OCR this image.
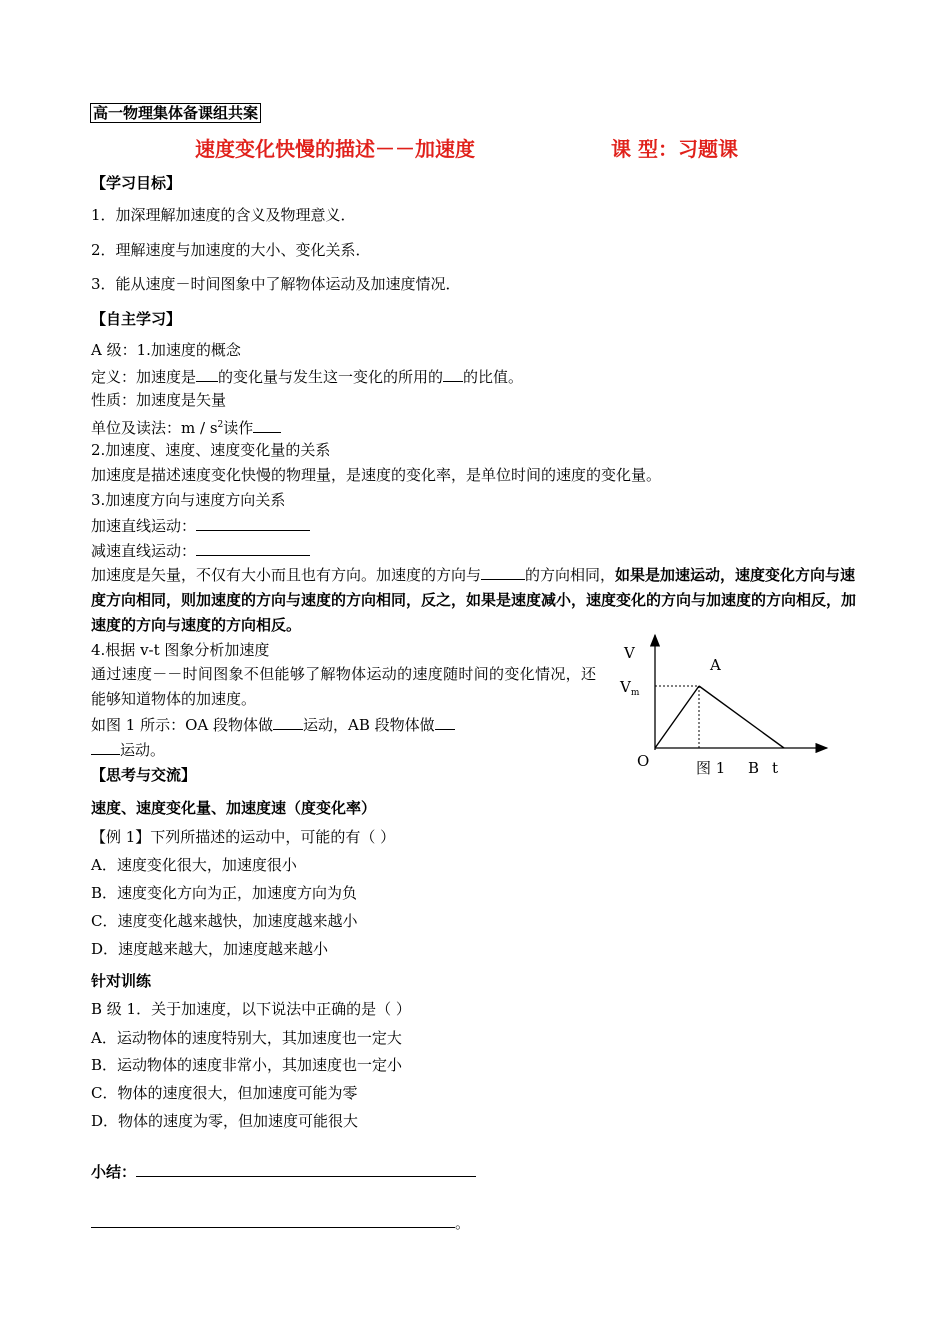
高一物理集体备课组共案
速度变化快慢的描述－－加速度	课 型：习题课
【学习目标】
1．加深理解加速度的含义及物理意义．
2．理解速度与加速度的大小、变化关系．
3．能从速度－时间图象中了解物体运动及加速度情况．
【自主学习】
A 级：1.加速度的概念
定义：加速度是 的变化量与发生这一变化的所用的 的比值。
性质：加速度是矢量
单位及读法：m / $s^2$读作
2.加速度、速度、速度变化量的关系
加速度是描述速度变化快慢的物理量，是速度的变化率，是单位时间的速度的变化量。
3.加速度方向与速度方向关系
加速直线运动：
减速直线运动：
加速度是矢量，不仅有大小而且也有方向。加速度的方向与	的方向相同，如果是加速运动，速度变化方向与速度方向相同，则加速度的方向与速度的方向相同，反之，如果是速度减小，速度变化的方向与加速度的方向相反，加速度的方向与速度的方向相反。
4.根据 v-t 图象分析加速度
通过速度－－时间图象不但能够了解物体运动的速度随时间的变化情况，还能够知道物体的加速度。
如图 1 所示：OA 段物体做 运动，AB 段物体做
运动。
V
A
$V_m$
O	图 1 B t
【思考与交流】
速度、速度变化量、加速度速（度变化率）
【例 1】下列所描述的运动中，可能的有（ ）
A．速度变化很大，加速度很小
B．速度变化方向为正，加速度方向为负
C．速度变化越来越快，加速度越来越小
D．速度越来越大，加速度越来越小
针对训练
B 级 1．关于加速度，以下说法中正确的是（ ）
A．运动物体的速度特别大，其加速度也一定大
B．运动物体的速度非常小，其加速度也一定小
C．物体的速度很大，但加速度可能为零
D．物体的速度为零，但加速度可能很大
小结：
。
